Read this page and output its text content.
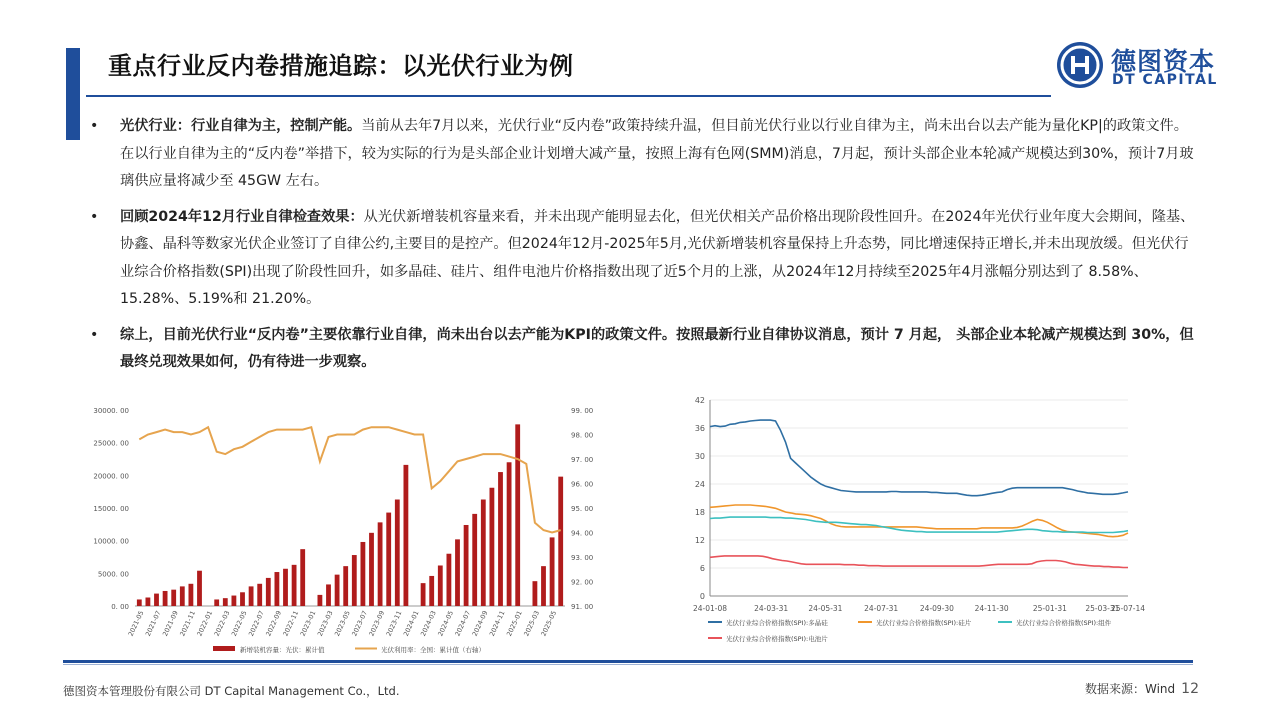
重点行业反内卷措施追踪：以光伏行业为例	德图资本
DT CAPITAL
• 光伏行业：行业自律为主，控制产能。当前从去年7月以来，光伏行业“反内卷”政策持续升温，但目前光伏行业以行业自律为主，尚未出台以去产能为量化KP|的政策文件。在以行业自律为主的“反内卷”举措下，较为实际的行为是头部企业计划增大减产量，按照上海有色网(SMM)消息，7月起，预计头部企业本轮减产规模达到30%，预计7月玻璃供应量将减少至 45GW 左右。
• 回顾2024年12月行业自律检查效果：从光伏新增装机容量来看，并未出现产能明显去化，但光伏相关产品价格出现阶段性回升。在2024年光伏行业年度大会期间，隆基、协鑫、晶科等数家光伏企业签订了自律公约,主要目的是控产。但2024年12月-2025年5月,光伏新增装机容量保持上升态势，同比增速保持正增长,并未出现放缓。但光伏行业综合价格指数(SPI)出现了阶段性回升，如多晶硅、硅片、组件电池片价格指数出现了近5个月的上涨，从2024年12月持续至2025年4月涨幅分别达到了 8.58%、15.28%、5.19%和 21.20%。
• 综上，目前光伏行业“反内卷”主要依靠行业自律，尚未出台以去产能为KPI的政策文件。按照最新行业自律协议消息，预计 7 月起， 头部企业本轮减产规模达到 30%，但最终兑现效果如何，仍有待进一步观察。
30000. 00
25000. 00
20000. 00
15000. 00
10000. 00
5000. 00
0. 00
99. 00
98. 00
97. 00
96. 00
95. 00
94. 00
93. 00
92. 00
91. 00
2021-05
2021-07
2021-09
2021-11
2022-01
2022-03
2022-05
2022-07
2022-09
2022-11
2023-01
2023-03
2023-05
2023-07
2023-09
2023-11
2024-01
2024-03
2024-05
2024-07
2024-09
2024-11
2025-01
2025-03
2025-05
新增装机容量：光伏：累计值	光伏利用率：全国：累计值（右轴）
42
36
30
24
18
12
6
0
24-01-08	24-03-31	24-05-31	24-07-31	24-09-30	24-11-30	25-01-31 25-03-31
25-07-14
光伏行业综合价格指数(SPI):多晶硅	光伏行业综合价格指数(SPI):硅片	光伏行业综合价格指数(SPI):组件
光伏行业综合价格指数(SPI):电池片
德图资本管理股份有限公司 DT Capital Management Co.，Ltd.	数据来源：Wind 12
